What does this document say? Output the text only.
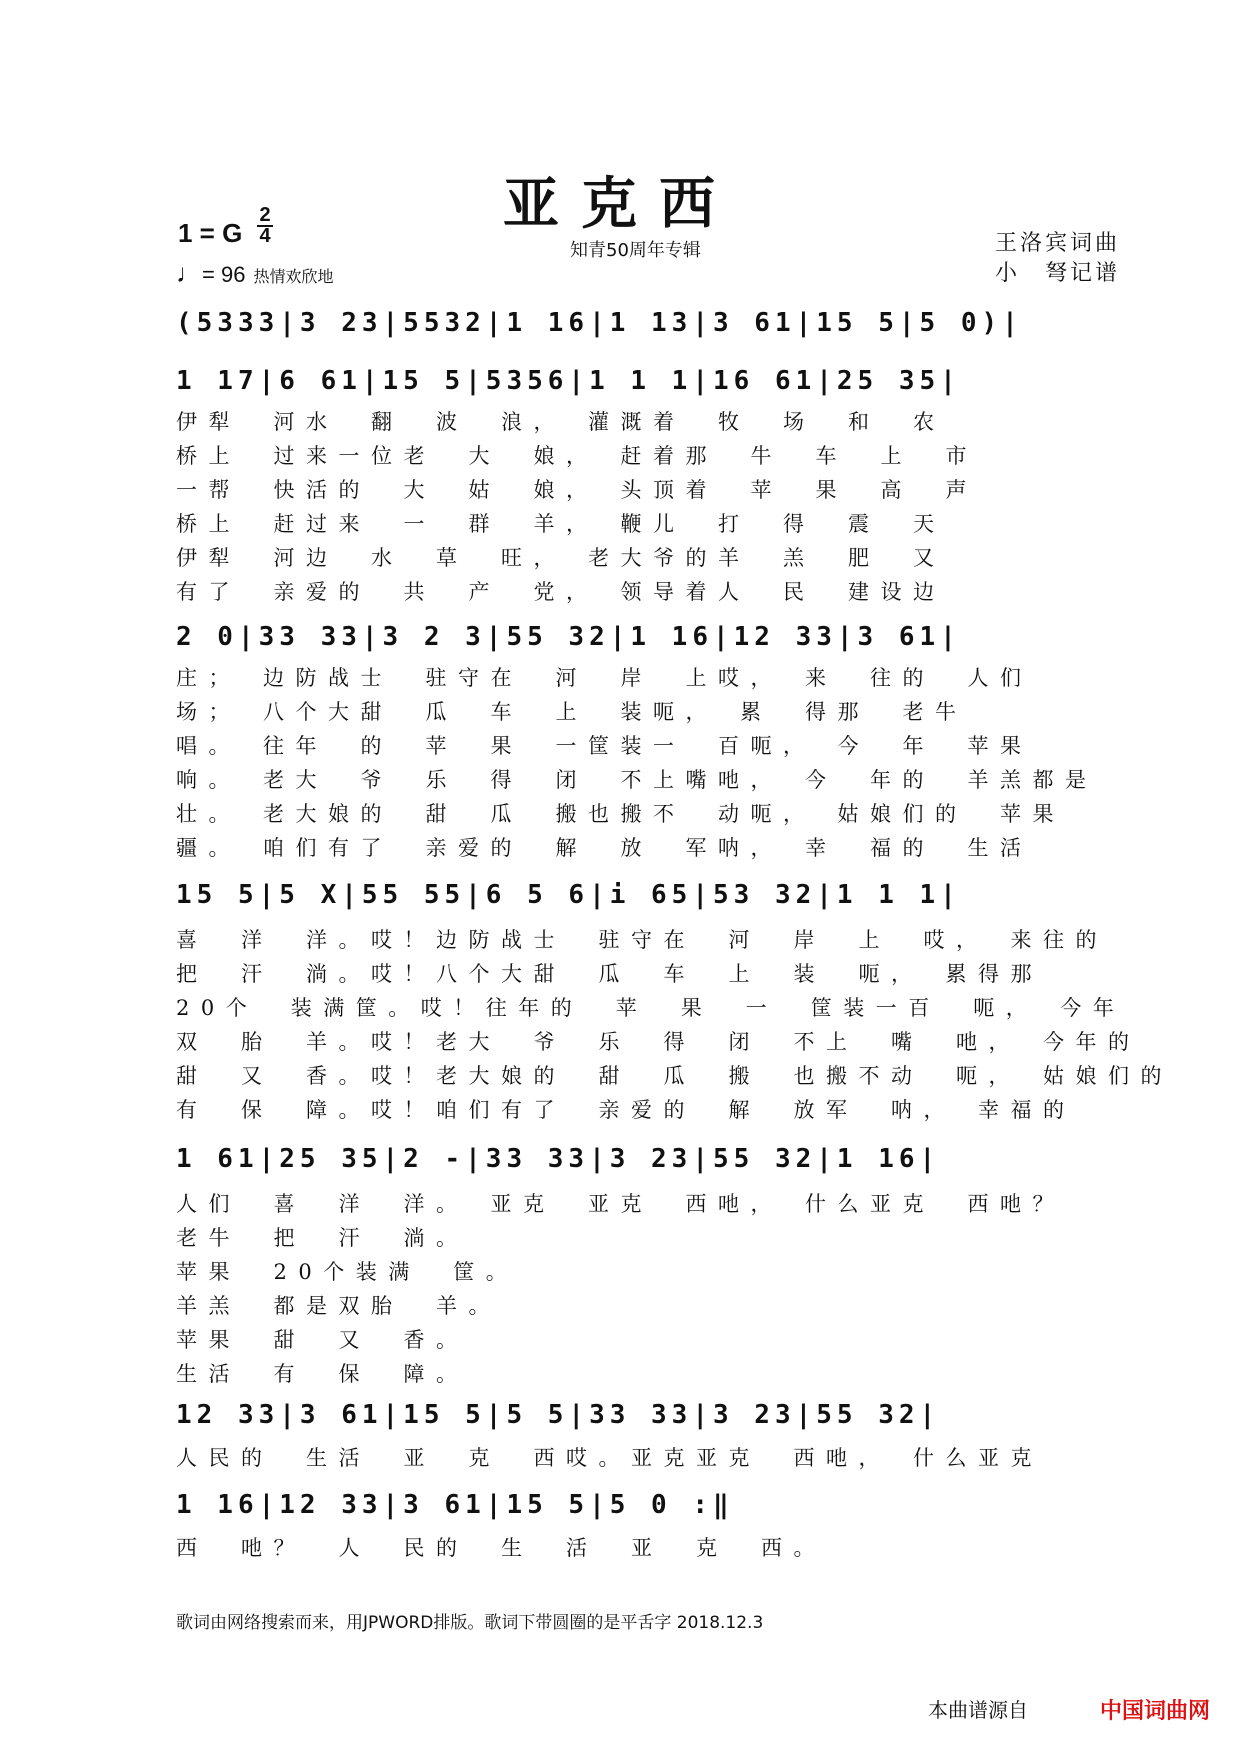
亚克西
知青50周年专辑
1 = G
2
4
♩= 96 热情欢欣地
王洛宾词曲
小　弩记谱
(5333|3 23|5532|1 16|1 13|3 61|15 5|5 0)|
1 17|6 61|15 5|5356|1 1 1|16 61|25 35|
伊犁　河水　翻　波　浪，　灌溉着　牧　场　和　农
桥上　过来一位老　大　娘，　赶着那　牛　车　上　市
一帮　快活的　大　姑　娘，　头顶着　苹　果　高　声
桥上　赶过来　一　群　羊，　鞭儿　打　得　震　天
伊犁　河边　水　草　旺，　老大爷的羊　羔　肥　又
有了　亲爱的　共　产　党，　领导着人　民　建设边
2 0|33 33|3 2 3|55 32|1 16|12 33|3 61|
庄；　边防战士　驻守在　河　岸　上哎，　来　往的　人们
场；　八个大甜　瓜　车　上　装呃，　累　得那　老牛
唱。　往年　的　苹　果　一筐装一　百呃，　今　年　苹果
响。　老大　爷　乐　得　闭　不上嘴吔，　今　年的　羊羔都是
壮。　老大娘的　甜　瓜　搬也搬不　动呃，　姑娘们的　苹果
疆。　咱们有了　亲爱的　解　放　军呐，　幸　福的　生活
15 5|5 X|55 55|6 5 6|i 65|53 32|1 1 1|
喜　洋　洋。哎！边防战士　驻守在　河　岸　上　哎，　来往的
把　汗　淌。哎！八个大甜　瓜　车　上　装　呃，　累得那
20个　装满筐。哎！往年的　苹　果　一　筐装一百　呃，　今年
双　胎　羊。哎！老大　爷　乐　得　闭　不上　嘴　吔，　今年的
甜　又　香。哎！老大娘的　甜　瓜　搬　也搬不动　呃，　姑娘们的
有　保　障。哎！咱们有了　亲爱的　解　放军　呐，　幸福的
1 61|25 35|2 -|33 33|3 23|55 32|1 16|
人们　喜　洋　洋。　亚克　亚克　西吔，　什么亚克　西吔？
老牛　把　汗　淌。
苹果　20个装满　筐。
羊羔　都是双胎　羊。
苹果　甜　又　香。
生活　有　保　障。
12 33|3 61|15 5|5 5|33 33|3 23|55 32|
人民的　生活　亚　克　西哎。亚克亚克　西吔，　什么亚克
1 16|12 33|3 61|15 5|5 0 :‖
西　吔？　人　民的　生　活　亚　克　西。
歌词由网络搜索而来，用JPWORD排版。歌词下带圆圈的是平舌字 2018.12.3
本曲谱源自	中国词曲网
